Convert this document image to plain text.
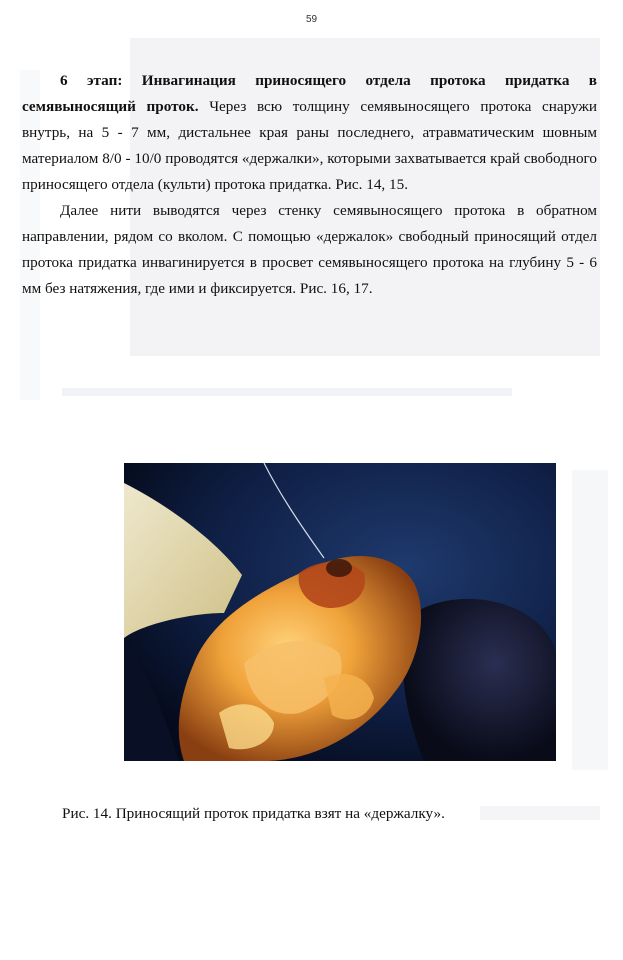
59

6 этап: Инвагинация приносящего отдела протока придатка в семявыносящий проток. Через всю толщину семявыносящего протока снаружи внутрь, на 5 - 7 мм, дистальнее края раны последнего, атравматическим шовным материалом 8/0 - 10/0 проводятся «держалки», которыми захватывается край свободного приносящего отдела (культи) протока придатка. Рис. 14, 15.

Далее нити выводятся через стенку семявыносящего протока в обратном направлении, рядом со вколом. С помощью «держалок» свободный приносящий отдел протока придатка инвагинируется в просвет семявыносящего протока на глубину 5 - 6 мм без натяжения, где ими и фиксируется. Рис. 16, 17.

Рис. 14. Приносящий проток придатка взят на «держалку».
